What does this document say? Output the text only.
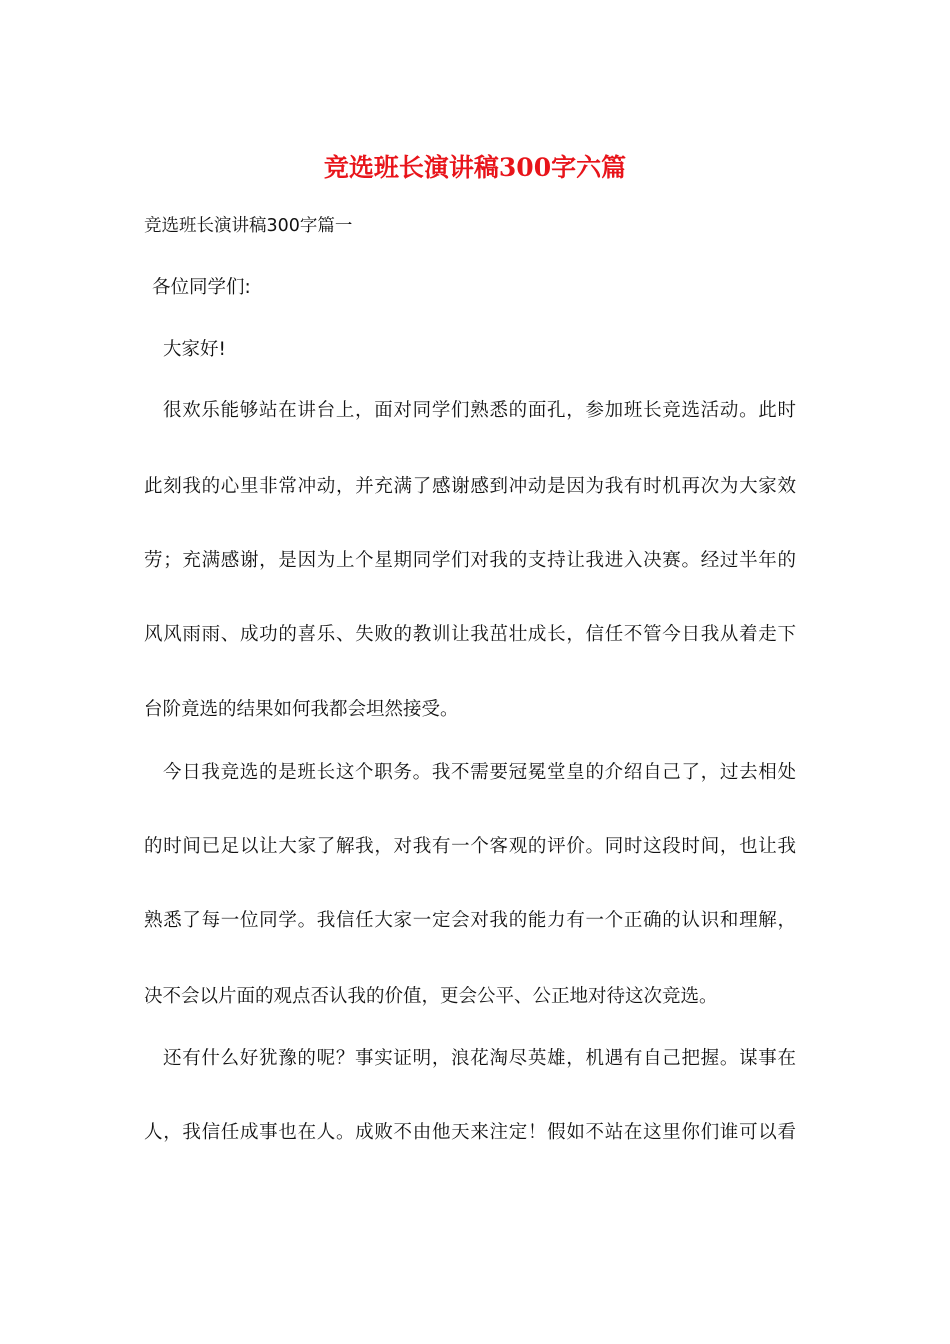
竞选班长演讲稿300字六篇

竞选班长演讲稿300字篇一

各位同学们:

大家好!

很欢乐能够站在讲台上，面对同学们熟悉的面孔，参加班长竞选活动。此时

此刻我的心里非常冲动，并充满了感谢感到冲动是因为我有时机再次为大家效

劳；充满感谢，是因为上个星期同学们对我的支持让我进入决赛。经过半年的

风风雨雨、成功的喜乐、失败的教训让我茁壮成长，信任不管今日我从着走下

台阶竟选的结果如何我都会坦然接受。

今日我竞选的是班长这个职务。我不需要冠冕堂皇的介绍自己了，过去相处

的时间已足以让大家了解我，对我有一个客观的评价。同时这段时间，也让我

熟悉了每一位同学。我信任大家一定会对我的能力有一个正确的认识和理解，

决不会以片面的观点否认我的价值，更会公平、公正地对待这次竞选。

还有什么好犹豫的呢？事实证明，浪花淘尽英雄，机遇有自己把握。谋事在

人，我信任成事也在人。成败不由他天来注定！假如不站在这里你们谁可以看
